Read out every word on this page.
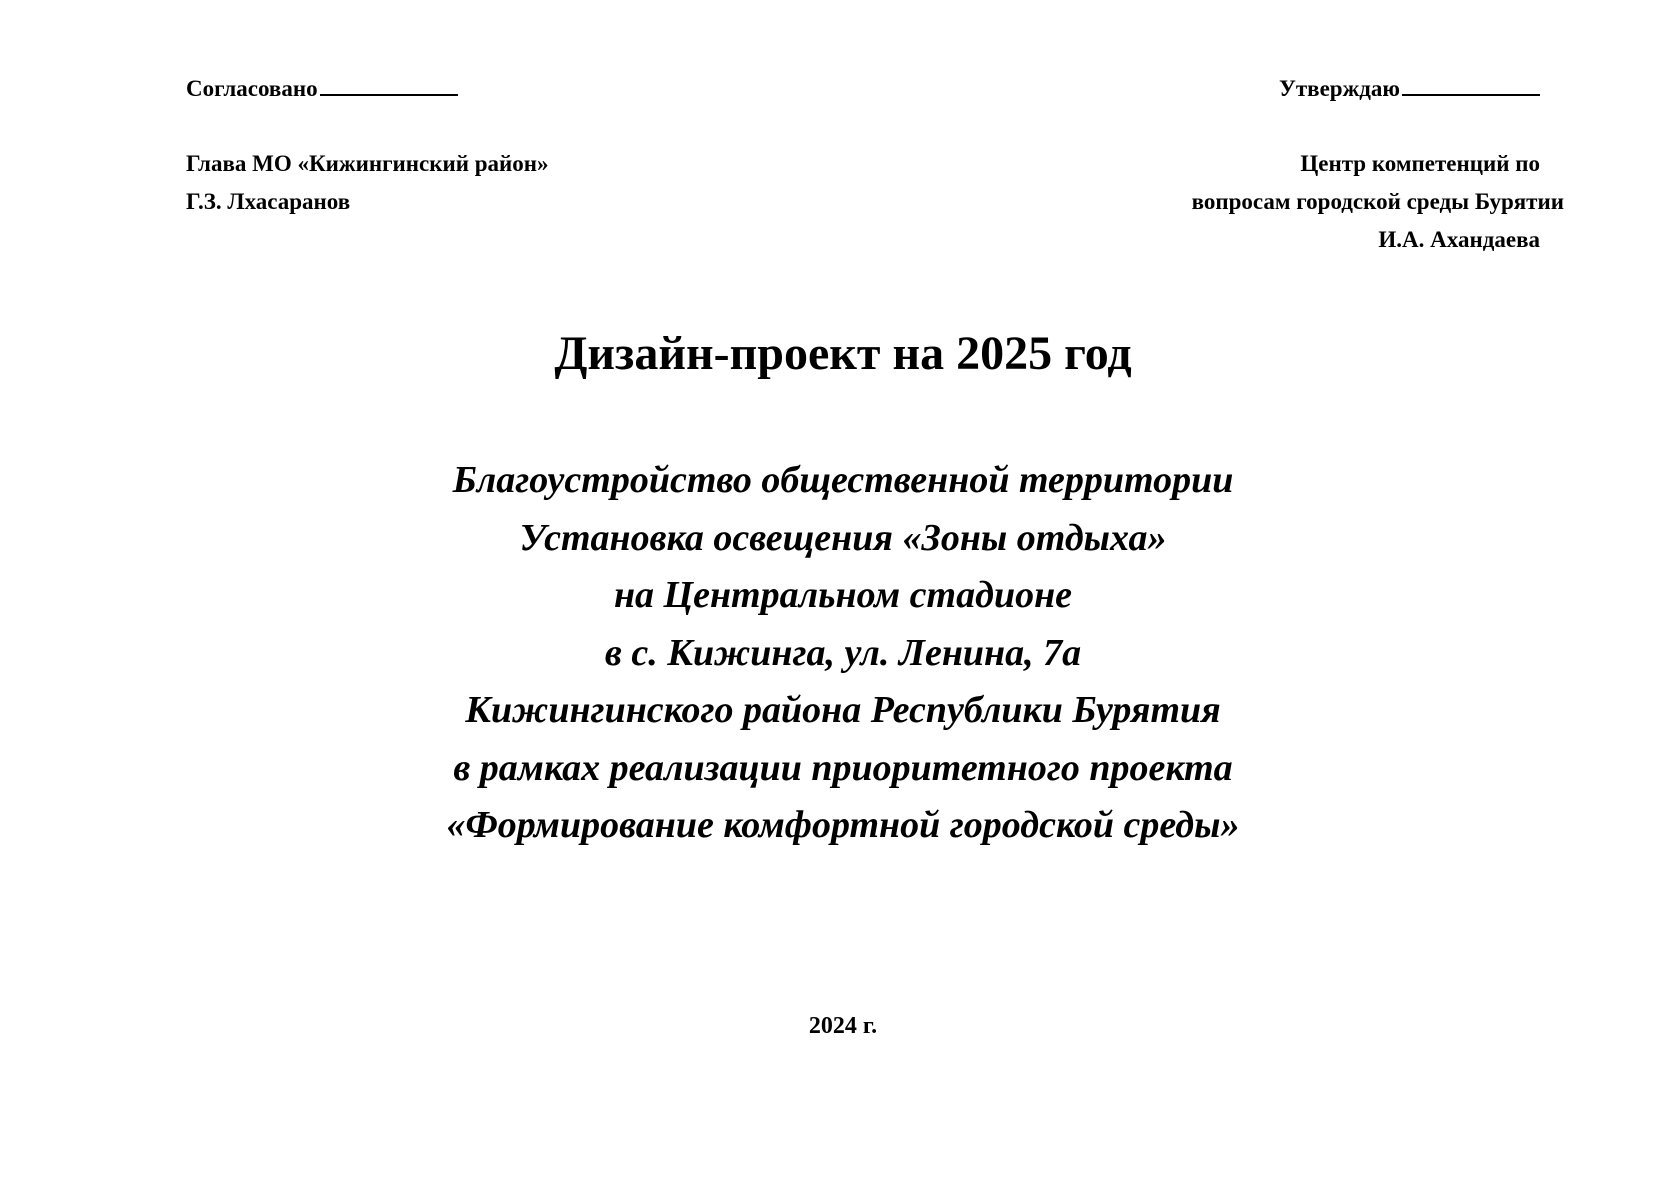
Согласовано	Утверждаю
Глава МО «Кижингинский район»
Г.З. Лхасаранов
Центр компетенций по
вопросам городской среды Бурятии
И.А. Ахандаева
Дизайн-проект на 2025 год
Благоустройство общественной территории
Установка освещения «Зоны отдыха»
на Центральном стадионе
в с. Кижинга, ул. Ленина, 7а
Кижингинского района Республики Бурятия
в рамках реализации приоритетного проекта
«Формирование комфортной городской среды»
2024 г.
